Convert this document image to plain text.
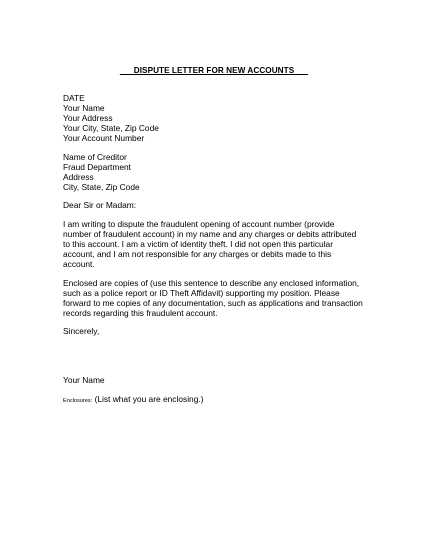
DISPUTE LETTER FOR NEW ACCOUNTS
DATE
Your Name
Your Address
Your City, State, Zip Code
Your Account Number
Name of Creditor
Fraud Department
Address
City, State, Zip Code
Dear Sir or Madam:
I am writing to dispute the fraudulent opening of account number (provide
number of fraudulent account) in my name and any charges or debits attributed
to this account. I am a victim of identity theft. I did not open this particular
account, and I am not responsible for any charges or debits made to this
account.
Enclosed are copies of (use this sentence to describe any enclosed information,
such as a police report or ID Theft Affidavit) supporting my position. Please
forward to me copies of any documentation, such as applications and transaction
records regarding this fraudulent account.
Sincerely,
Your Name
Enclosures: (List what you are enclosing.)
